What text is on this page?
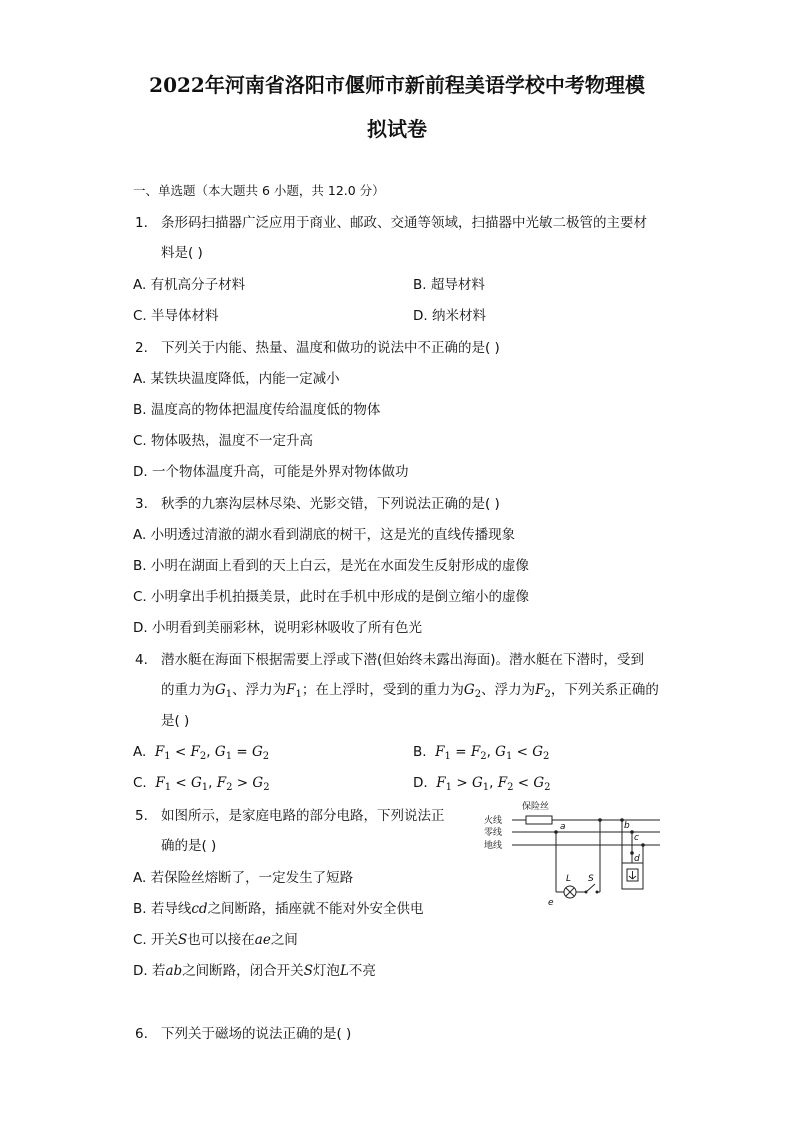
2022年河南省洛阳市偃师市新前程美语学校中考物理模
拟试卷
一、单选题（本大题共 6 小题，共 12.0 分）
1. 条形码扫描器广泛应用于商业、邮政、交通等领域，扫描器中光敏二极管的主要材
料是( )
A. 有机高分子材料	B. 超导材料
C. 半导体材料	D. 纳米材料
2. 下列关于内能、热量、温度和做功的说法中不正确的是( )
A. 某铁块温度降低，内能一定减小
B. 温度高的物体把温度传给温度低的物体
C. 物体吸热，温度不一定升高
D. 一个物体温度升高，可能是外界对物体做功
3. 秋季的九寨沟层林尽染、光影交错，下列说法正确的是( )
A. 小明透过清澈的湖水看到湖底的树干，这是光的直线传播现象
B. 小明在湖面上看到的天上白云，是光在水面发生反射形成的虚像
C. 小明拿出手机拍摄美景，此时在手机中形成的是倒立缩小的虚像
D. 小明看到美丽彩林，说明彩林吸收了所有色光
4. 潜水艇在海面下根据需要上浮或下潜(但始终未露出海面)。潜水艇在下潜时，受到
的重力为$G_1$、浮力为$F_1$；在上浮时，受到的重力为$G_2$、浮力为$F_2$，下列关系正确的
是( )
A. $F_1 < F_2$, $G_1 = G_2$	B. $F_1 = F_2$, $G_1 < G_2$
C. $F_1 < G_1$, $F_2 > G_2$	D. $F_1 > G_1$, $F_2 < G_2$
5. 如图所示，是家庭电路的部分电路，下列说法正
确的是( )
A. 若保险丝熔断了，一定发生了短路
B. 若导线cd之间断路，插座就不能对外安全供电
C. 开关S也可以接在ae之间
D. 若ab之间断路，闭合开关S灯泡L不亮
保险丝
火线
零线
地线
a	b
c
d
e
L S
6. 下列关于磁场的说法正确的是( )
